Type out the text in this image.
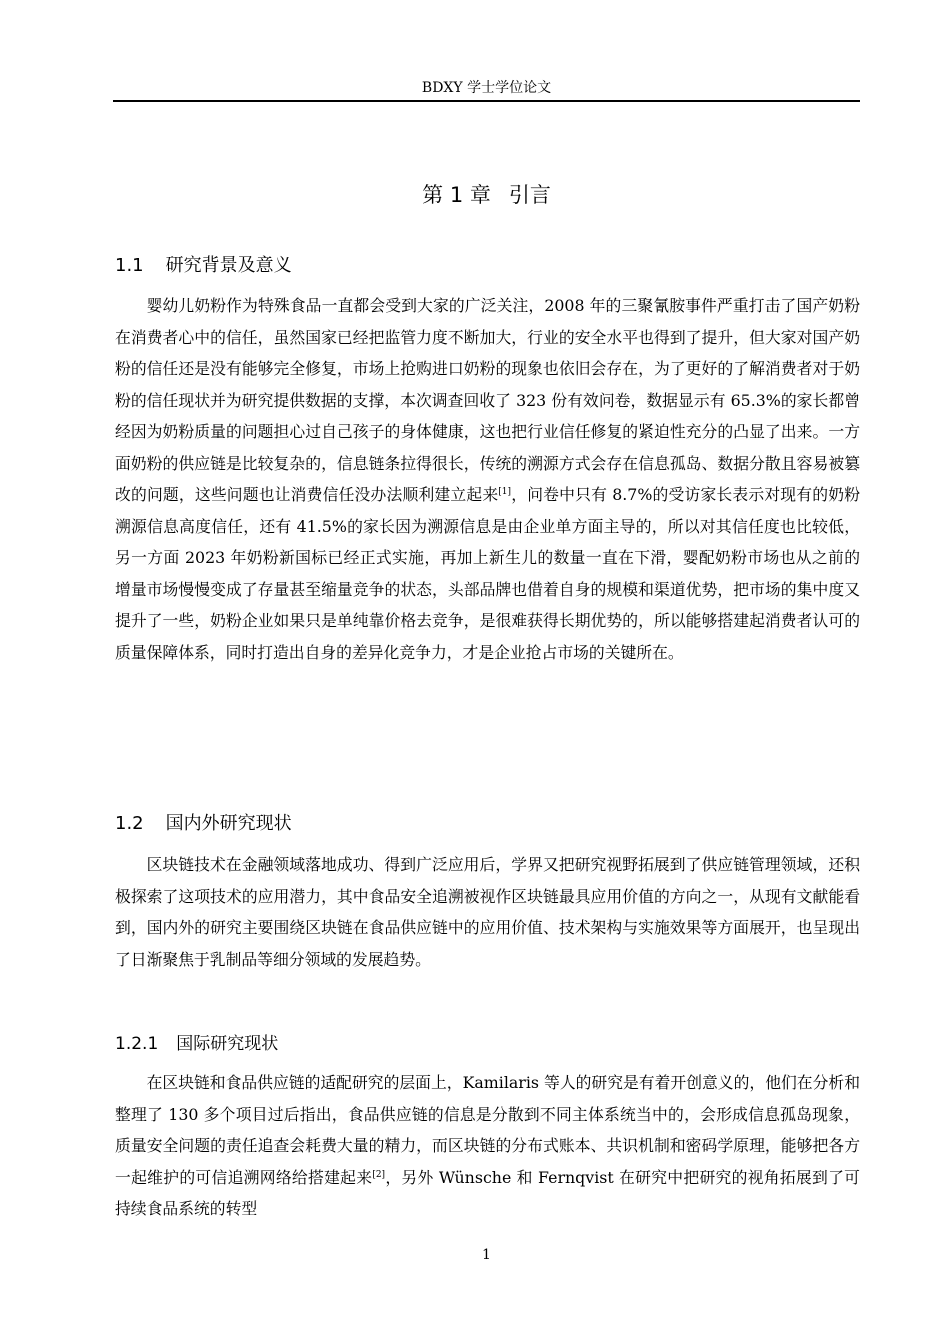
BDXY 学士学位论文
第 1 章 引言
1.1 研究背景及意义

婴幼儿奶粉作为特殊食品一直都会受到大家的广泛关注，2008 年的三聚氰胺事件严重打击了国产奶粉在消费者心中的信任，虽然国家已经把监管力度不断加大，行业的安全水平也得到了提升，但大家对国产奶粉的信任还是没有能够完全修复，市场上抢购进口奶粉的现象也依旧会存在，为了更好的了解消费者对于奶粉的信任现状并为研究提供数据的支撑，本次调查回收了 323 份有效问卷，数据显示有 65.3%的家长都曾经因为奶粉质量的问题担心过自己孩子的身体健康，这也把行业信任修复的紧迫性充分的凸显了出来。一方面奶粉的供应链是比较复杂的，信息链条拉得很长，传统的溯源方式会存在信息孤岛、数据分散且容易被篡改的问题，这些问题也让消费信任没办法顺利建立起来[1]，问卷中只有 8.7%的受访家长表示对现有的奶粉溯源信息高度信任，还有 41.5%的家长因为溯源信息是由企业单方面主导的，所以对其信任度也比较低，另一方面 2023 年奶粉新国标已经正式实施，再加上新生儿的数量一直在下滑，婴配奶粉市场也从之前的增量市场慢慢变成了存量甚至缩量竞争的状态，头部品牌也借着自身的规模和渠道优势，把市场的集中度又提升了一些，奶粉企业如果只是单纯靠价格去竞争，是很难获得长期优势的，所以能够搭建起消费者认可的质量保障体系，同时打造出自身的差异化竞争力，才是企业抢占市场的关键所在。

1.2 国内外研究现状

区块链技术在金融领域落地成功、得到广泛应用后，学界又把研究视野拓展到了供应链管理领域，还积极探索了这项技术的应用潜力，其中食品安全追溯被视作区块链最具应用价值的方向之一，从现有文献能看到，国内外的研究主要围绕区块链在食品供应链中的应用价值、技术架构与实施效果等方面展开，也呈现出了日渐聚焦于乳制品等细分领域的发展趋势。

1.2.1 国际研究现状

在区块链和食品供应链的适配研究的层面上，Kamilaris 等人的研究是有着开创意义的，他们在分析和整理了 130 多个项目过后指出，食品供应链的信息是分散到不同主体系统当中的，会形成信息孤岛现象，质量安全问题的责任追查会耗费大量的精力，而区块链的分布式账本、共识机制和密码学原理，能够把各方一起维护的可信追溯网络给搭建起来[2]，另外 Wünsche 和 Fernqvist 在研究中把研究的视角拓展到了可持续食品系统的转型

1
